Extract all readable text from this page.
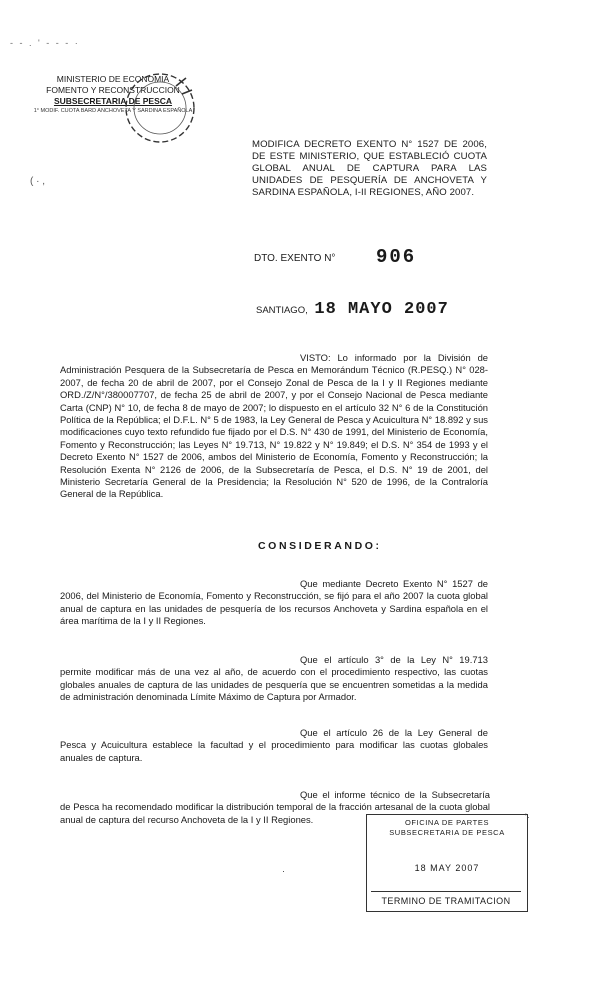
- - . ' - - - ·
( · ,
MINISTERIO DE ECONOMIA
FOMENTO Y RECONSTRUCCION
SUBSECRETARIA DE PESCA
1° MODIF. CUOTA BARD ANCHOVETA Y SARDINA ESPAÑOLA
MODIFICA DECRETO EXENTO N° 1527 DE 2006, DE ESTE MINISTERIO, QUE ESTABLECIÓ CUOTA GLOBAL ANUAL DE CAPTURA PARA LAS UNIDADES DE PESQUERÍA DE ANCHOVETA Y SARDINA ESPAÑOLA, I-II REGIONES, AÑO 2007.
DTO. EXENTO N° 906
SANTIAGO, 18 MAYO 2007
VISTO: Lo informado por la División de Administración Pesquera de la Subsecretaría de Pesca en Memorándum Técnico (R.PESQ.) N° 028-2007, de fecha 20 de abril de 2007, por el Consejo Zonal de Pesca de la I y II Regiones mediante ORD./Z/N°/380007707, de fecha 25 de abril de 2007, y por el Consejo Nacional de Pesca mediante Carta (CNP) N° 10, de fecha 8 de mayo de 2007; lo dispuesto en el artículo 32 N° 6 de la Constitución Política de la República; el D.F.L. N° 5 de 1983, la Ley General de Pesca y Acuicultura N° 18.892 y sus modificaciones cuyo texto refundido fue fijado por el D.S. N° 430 de 1991, del Ministerio de Economía, Fomento y Reconstrucción; las Leyes N° 19.713, N° 19.822 y N° 19.849; el D.S. N° 354 de 1993 y el Decreto Exento N° 1527 de 2006, ambos del Ministerio de Economía, Fomento y Reconstrucción; la Resolución Exenta N° 2126 de 2006, de la Subsecretaría de Pesca, el D.S. N° 19 de 2001, del Ministerio Secretaría General de la Presidencia; la Resolución N° 520 de 1996, de la Contraloría General de la República.
CONSIDERANDO:
Que mediante Decreto Exento N° 1527 de 2006, del Ministerio de Economía, Fomento y Reconstrucción, se fijó para el año 2007 la cuota global anual de captura en las unidades de pesquería de los recursos Anchoveta y Sardina española en el área marítima de la I y II Regiones.
Que el artículo 3° de la Ley N° 19.713 permite modificar más de una vez al año, de acuerdo con el procedimiento respectivo, las cuotas globales anuales de captura de las unidades de pesquería que se encuentren sometidas a la medida de administración denominada Límite Máximo de Captura por Armador.
Que el artículo 26 de la Ley General de Pesca y Acuicultura establece la facultad y el procedimiento para modificar las cuotas globales anuales de captura.
Que el informe técnico de la Subsecretaría de Pesca ha recomendado modificar la distribución temporal de la fracción artesanal de la cuota global anual de captura del recurso Anchoveta de la I y II Regiones.	OFICINA DE PARTES
SUBSECRETARIA DE PESCA
18 MAY 2007
TERMINO DE TRAMITACION
'·
·
